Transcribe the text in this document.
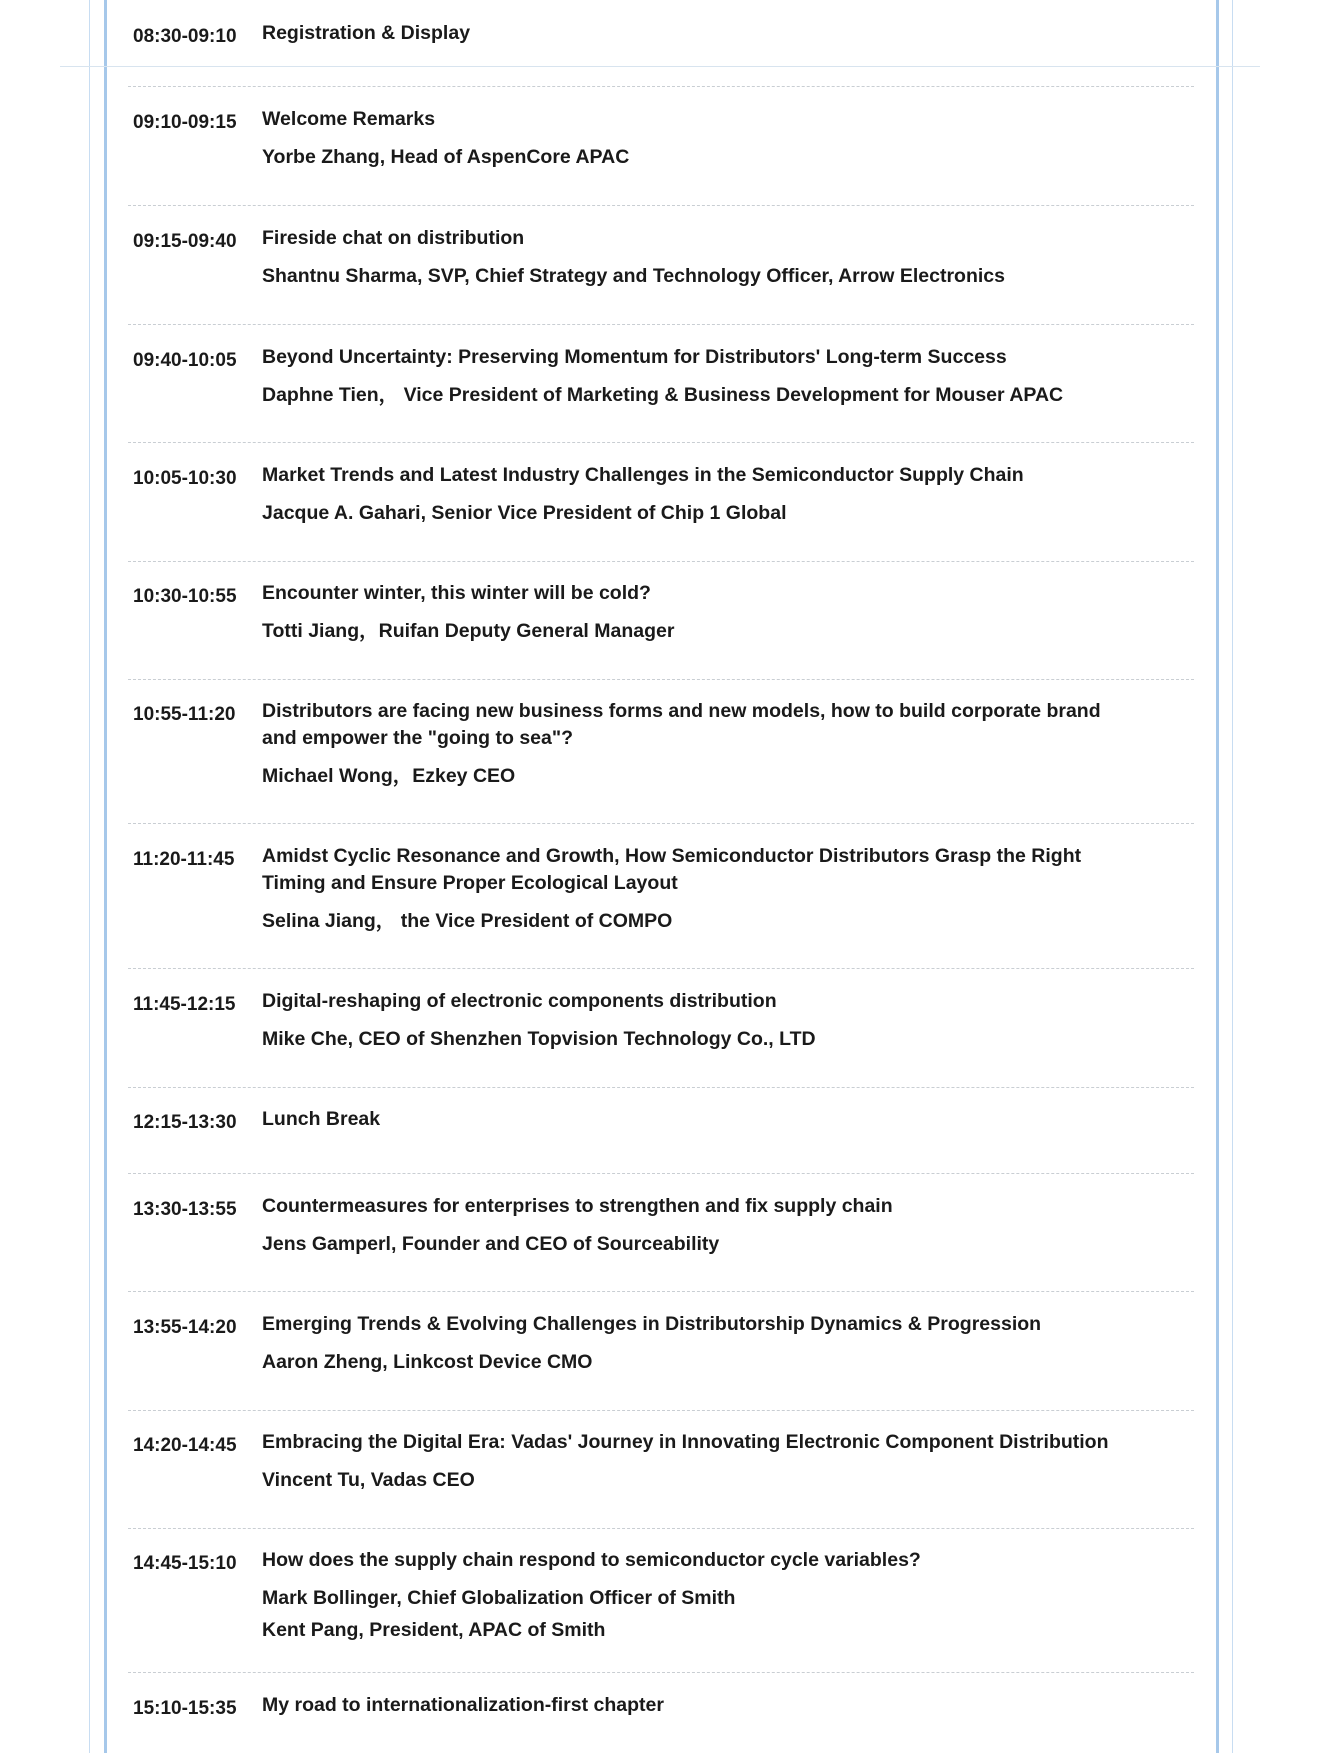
08:30-09:10 Registration & Display
09:10-09:15 Welcome Remarks
Yorbe Zhang, Head of AspenCore APAC
09:15-09:40 Fireside chat on distribution
Shantnu Sharma, SVP, Chief Strategy and Technology Officer, Arrow Electronics
09:40-10:05 Beyond Uncertainty: Preserving Momentum for Distributors' Long-term Success
Daphne Tien， Vice President of Marketing & Business Development for Mouser APAC
10:05-10:30 Market Trends and Latest Industry Challenges in the Semiconductor Supply Chain
Jacque A. Gahari, Senior Vice President of Chip 1 Global
10:30-10:55 Encounter winter, this winter will be cold?
Totti Jiang，Ruifan Deputy General Manager
10:55-11:20 Distributors are facing new business forms and new models, how to build corporate brand and empower the "going to sea"?
Michael Wong，Ezkey CEO
11:20-11:45 Amidst Cyclic Resonance and Growth, How Semiconductor Distributors Grasp the Right Timing and Ensure Proper Ecological Layout
Selina Jiang， the Vice President of COMPO
11:45-12:15 Digital-reshaping of electronic components distribution
Mike Che, CEO of Shenzhen Topvision Technology Co., LTD
12:15-13:30 Lunch Break
13:30-13:55 Countermeasures for enterprises to strengthen and fix supply chain
Jens Gamperl, Founder and CEO of Sourceability
13:55-14:20 Emerging Trends & Evolving Challenges in Distributorship Dynamics & Progression
Aaron Zheng, Linkcost Device CMO
14:20-14:45 Embracing the Digital Era: Vadas' Journey in Innovating Electronic Component Distribution
Vincent Tu, Vadas CEO
14:45-15:10 How does the supply chain respond to semiconductor cycle variables?
Mark Bollinger, Chief Globalization Officer of Smith
Kent Pang, President, APAC of Smith
15:10-15:35 My road to internationalization-first chapter
